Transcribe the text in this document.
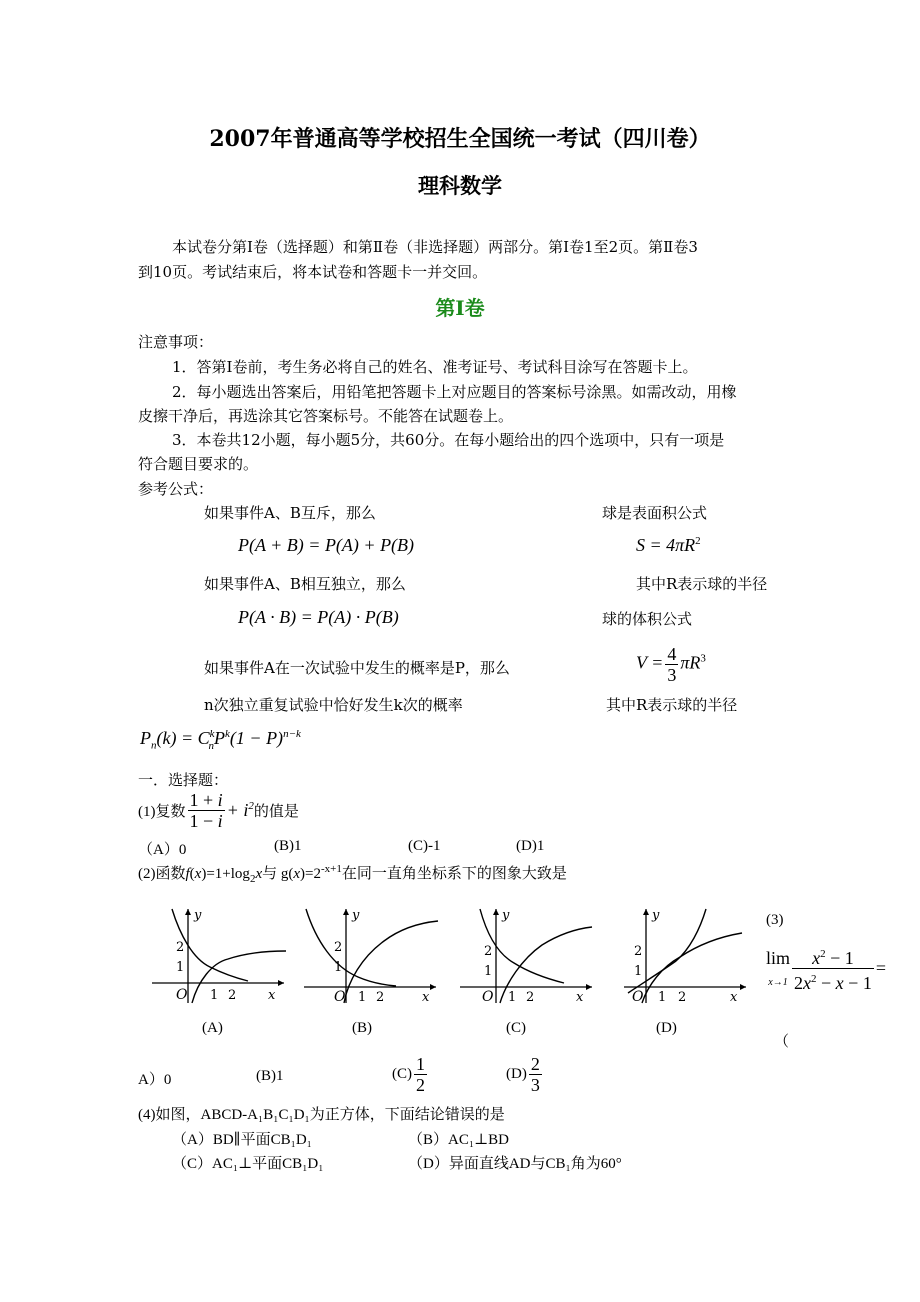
2007年普通高等学校招生全国统一考试（四川卷）
理科数学
本试卷分第Ⅰ卷（选择题）和第Ⅱ卷（非选择题）两部分。第Ⅰ卷1至2页。第Ⅱ卷3
到10页。考试结束后，将本试卷和答题卡一并交回。
第Ⅰ卷
注意事项：
1．答第Ⅰ卷前，考生务必将自己的姓名、准考证号、考试科目涂写在答题卡上。
2．每小题选出答案后，用铅笔把答题卡上对应题目的答案标号涂黑。如需改动，用橡
皮擦干净后，再选涂其它答案标号。不能答在试题卷上。
3．本卷共12小题，每小题5分，共60分。在每小题给出的四个选项中，只有一项是
符合题目要求的。
参考公式：
如果事件A、B互斥，那么	球是表面积公式
P(A + B) = P(A) + P(B)	$S = 4\pi R^2$
如果事件A、B相互独立，那么	其中R表示球的半径
P(A · B) = P(A) · P(B)	球的体积公式
如果事件A在一次试验中发生的概率是P，那么	$V = \frac{4}{3} \pi R^3$
n次独立重复试验中恰好发生k次的概率	其中R表示球的半径
$P_n(k) = C^k_nP^k(1 - P)^{n-k}$
一．选择题：
(1)复数 $\frac{1 + i}{1 - i} + i^2$的值是
（A）0	(B)1	(C)-1	(D)1
(2)函数$f(x)=1+\log_2x$与 $g(x)=2^{-x+1}$在同一直角坐标系下的图象大致是
y
2
1
O 1 2 x
(A)
y
2
1
O 1 2	x
(B)
y
2
1
O 1 2	x
(C)
y
2
1
O 1 2	x
(D)
(3)
lim
$x\to 1 \frac{x^2 - 1}{2x^2 - x - 1}$ =
（
A）0	(B)1	$(C) \frac{1}{2}$	$(D) \frac{2}{3}$
(4)如图，ABCD-A₁B₁C₁D₁为正方体，下面结论错误的是
（A）BD∥平面CB₁D₁	（B）AC₁⊥BD
（C）AC₁⊥平面CB₁D₁	（D）异面直线AD与CB₁角为60°
